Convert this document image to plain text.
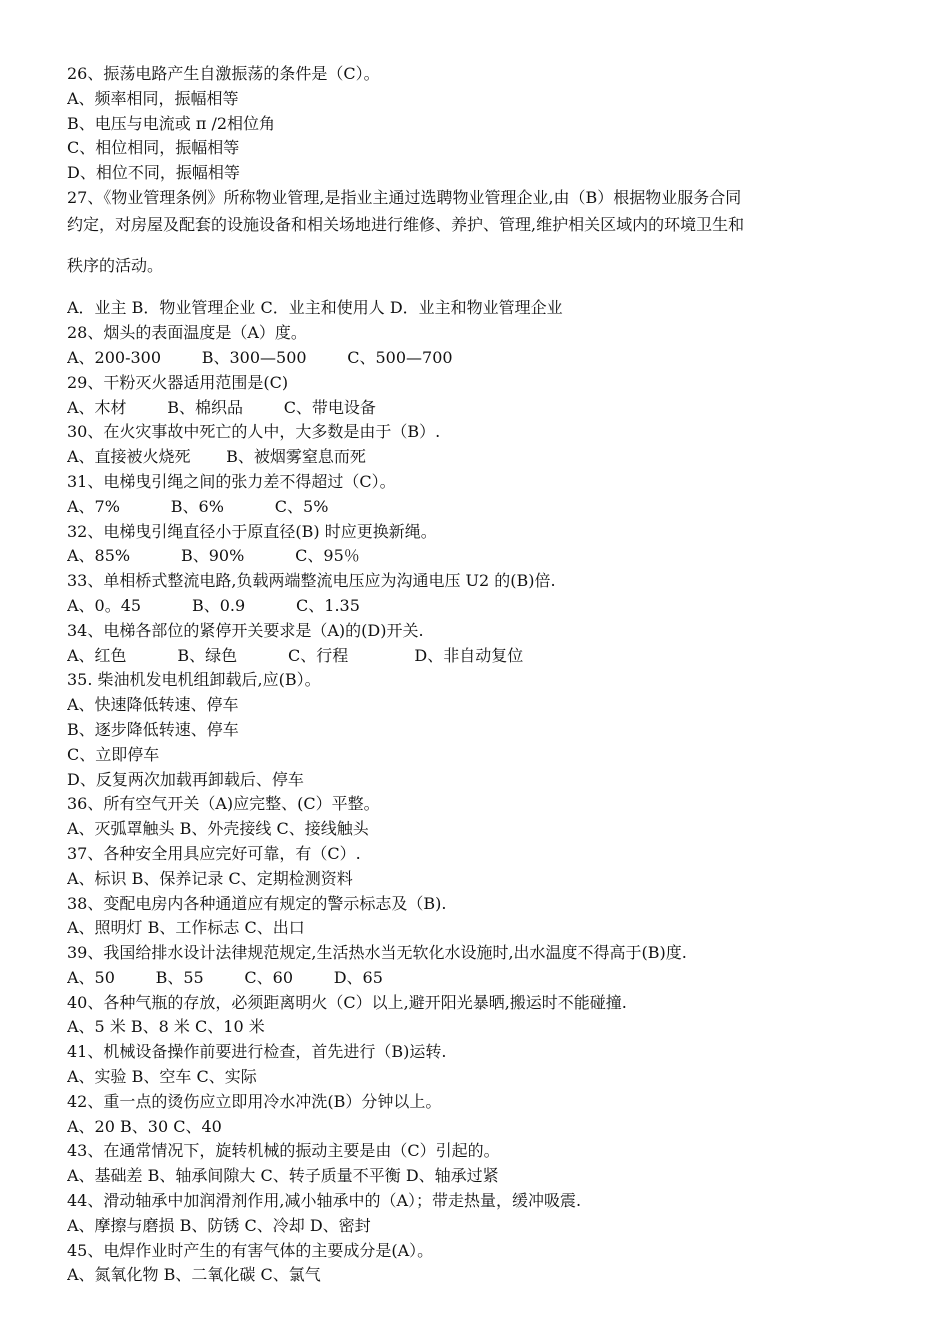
26、振荡电路产生自激振荡的条件是（C）。
A、频率相同，振幅相等
B、电压与电流或 π /2相位角
C、相位相同，振幅相等
D、相位不同，振幅相等
27、《物业管理条例》所称物业管理,是指业主通过选聘物业管理企业,由（B）根据物业服务合同
约定，对房屋及配套的设施设备和相关场地进行维修、养护、管理,维护相关区域内的环境卫生和
秩序的活动。
A．业主 B．物业管理企业 C．业主和使用人 D．业主和物业管理企业
28、烟头的表面温度是（A）度。
A、200-300        B、300—500        C、500—700
29、干粉灭火器适用范围是(C)
A、木材        B、棉织品        C、带电设备
30、在火灾事故中死亡的人中，大多数是由于（B）.
A、直接被火烧死       B、被烟雾窒息而死
31、电梯曳引绳之间的张力差不得超过（C）。
A、7%          B、6%          C、5%
32、电梯曳引绳直径小于原直径(B) 时应更换新绳。
A、85%          B、90%          C、95％
33、单相桥式整流电路,负载两端整流电压应为沟通电压 U2 的(B)倍.
A、0。45          B、0.9          C、1.35
34、电梯各部位的紧停开关要求是（A)的(D)开关.
A、红色          B、绿色          C、行程             D、非自动复位
35. 柴油机发电机组卸载后,应(B）。
A、快速降低转速、停车
B、逐步降低转速、停车
C、立即停车
D、反复两次加载再卸载后、停车
36、所有空气开关（A)应完整、(C）平整。
A、灭弧罩触头 B、外壳接线 C、接线触头
37、各种安全用具应完好可靠，有（C）.
A、标识 B、保养记录 C、定期检测资料
38、变配电房内各种通道应有规定的警示标志及（B).
A、照明灯 B、工作标志 C、出口
39、我国给排水设计法律规范规定,生活热水当无软化水设施时,出水温度不得高于(B)度.
A、50        B、55        C、60        D、65
40、各种气瓶的存放，必须距离明火（C）以上,避开阳光暴晒,搬运时不能碰撞.
A、5 米 B、8 米 C、10 米
41、机械设备操作前要进行检查，首先进行（B)运转.
A、实验 B、空车 C、实际
42、重一点的烫伤应立即用冷水冲洗(B）分钟以上。
A、20 B、30 C、40
43、在通常情况下，旋转机械的振动主要是由（C）引起的。
A、基础差 B、轴承间隙大 C、转子质量不平衡 D、轴承过紧
44、滑动轴承中加润滑剂作用,减小轴承中的（A）；带走热量，缓冲吸震.
A、摩擦与磨损 B、防锈 C、冷却 D、密封
45、电焊作业时产生的有害气体的主要成分是(A）。
A、氮氧化物 B、二氧化碳 C、氯气
